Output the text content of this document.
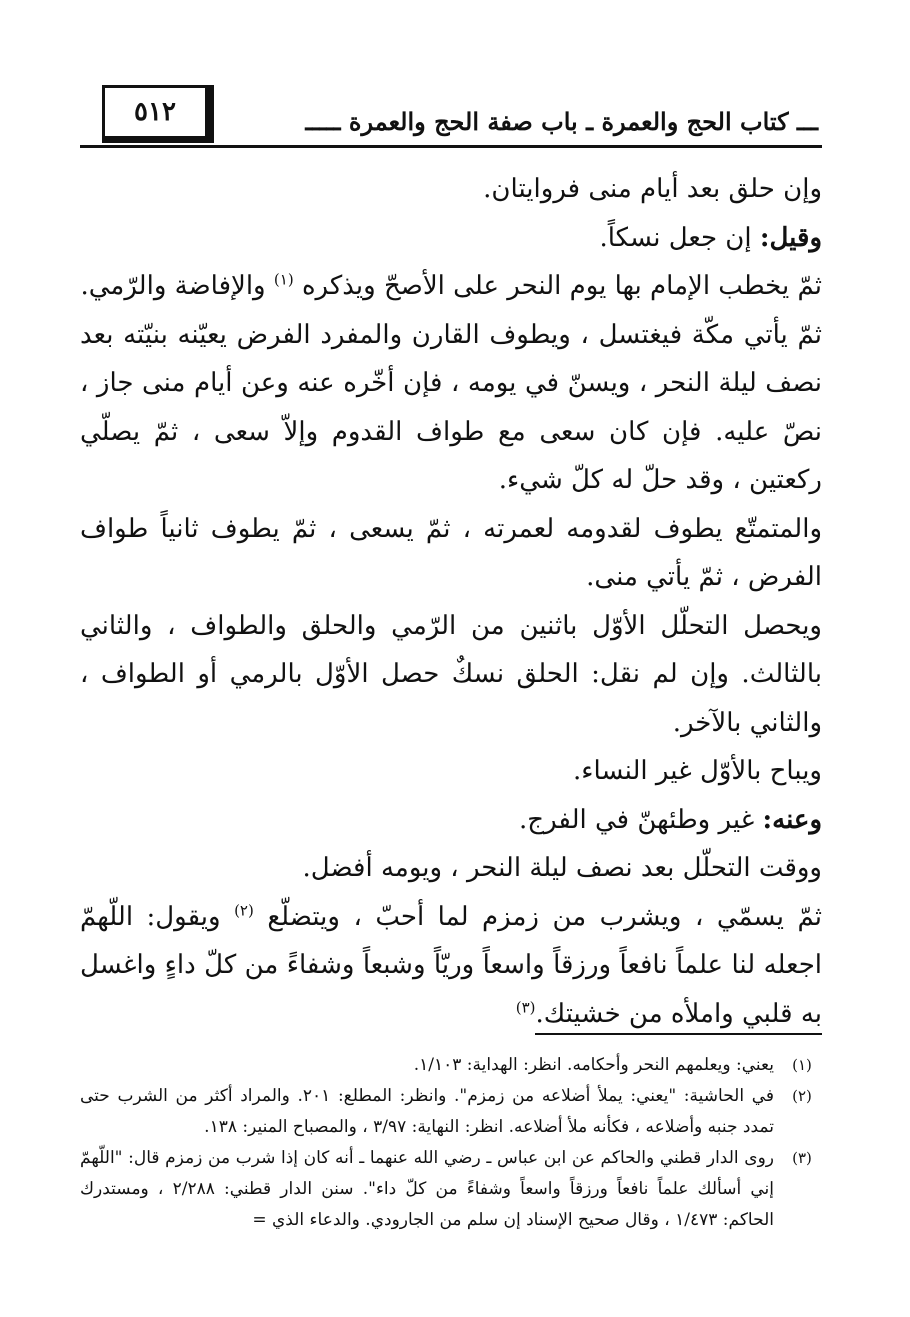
٥١٢	ـــ كتاب الحج والعمرة ـ باب صفة الحج والعمرة ـــــ

وإن حلق بعد أيام منى فروايتان.

وقيل: إن جعل نسكاً.

ثمّ يخطب الإمام بها يوم النحر على الأصحّ ويذكره $^{(١)}$ والإفاضة والرّمي.

ثمّ يأتي مكّة فيغتسل ، ويطوف القارن والمفرد الفرض يعيّنه بنيّته بعد نصف ليلة النحر ، ويسنّ في يومه ، فإن أخّره عنه وعن أيام منى جاز ، نصّ عليه. فإن كان سعى مع طواف القدوم وإلاّ سعى ، ثمّ يصلّي ركعتين ، وقد حلّ له كلّ شيء.

والمتمتّع يطوف لقدومه لعمرته ، ثمّ يسعى ، ثمّ يطوف ثانياً طواف الفرض ، ثمّ يأتي منى.

ويحصل التحلّل الأوّل باثنين من الرّمي والحلق والطواف ، والثاني بالثالث. وإن لم نقل: الحلق نسكٌ حصل الأوّل بالرمي أو الطواف ، والثاني بالآخر.

ويباح بالأوّل غير النساء.

وعنه: غير وطئهنّ في الفرج.

ووقت التحلّل بعد نصف ليلة النحر ، ويومه أفضل.

ثمّ يسمّي ، ويشرب من زمزم لما أحبّ ، ويتضلّع $^{(٢)}$ ويقول: اللّهمّ اجعله لنا علماً نافعاً ورزقاً واسعاً وريّاً وشبعاً وشفاءً من كلّ داءٍ واغسل به قلبي واملأه من خشيتك.$^{(٣)}$

(١)
يعني: ويعلمهم النحر وأحكامه. انظر: الهداية: ١/١٠٣.
(٢)
في الحاشية: "يعني: يملأ أضلاعه من زمزم". وانظر: المطلع: ٢٠١. والمراد أكثر من الشرب حتى تمدد جنبه وأضلاعه ، فكأنه ملأ أضلاعه. انظر: النهاية: ٣/٩٧ ، والمصباح المنير: ١٣٨.
(٣)
روى الدار قطني والحاكم عن ابن عباس ـ رضي الله عنهما ـ أنه كان إذا شرب من زمزم قال: "اللّهمّ إني أسألك علماً نافعاً ورزقاً واسعاً وشفاءً من كلّ داء". سنن الدار قطني: ٢/٢٨٨ ، ومستدرك الحاكم: ١/٤٧٣ ، وقال صحيح الإسناد إن سلم من الجارودي. والدعاء الذي =
